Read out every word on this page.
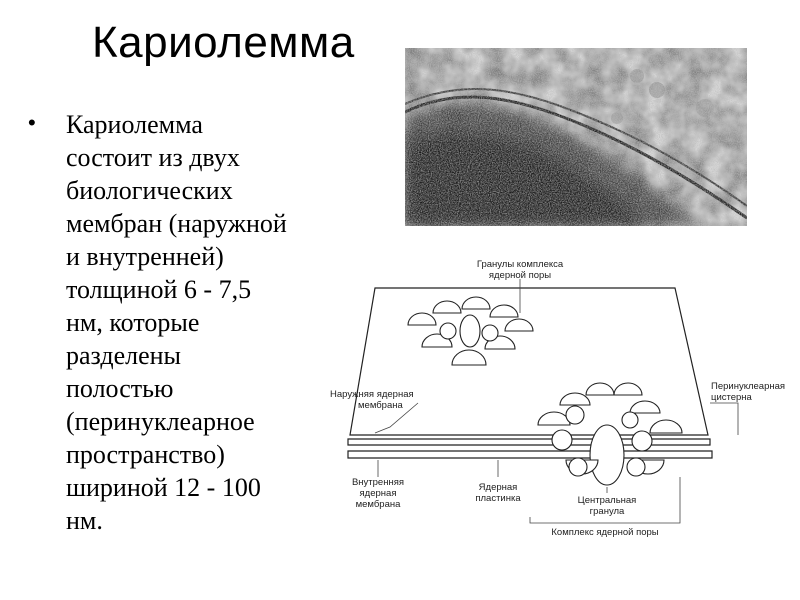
Кариолемма
• Кариолемма
состоит из двух
биологических
мембран (наружной
и внутренней)
толщиной 6 - 7,5
нм, которые
разделены
полостью
(перинуклеарное
пространство)
шириной 12 - 100
нм.
Гранулы комплекса
ядерной поры
Наружняя ядерная
мембрана
Перинуклеарная
цистерна
Внутренняя
ядерная
мембрана
Ядерная
пластинка	Центральная
гранула
Комплекс ядерной поры
